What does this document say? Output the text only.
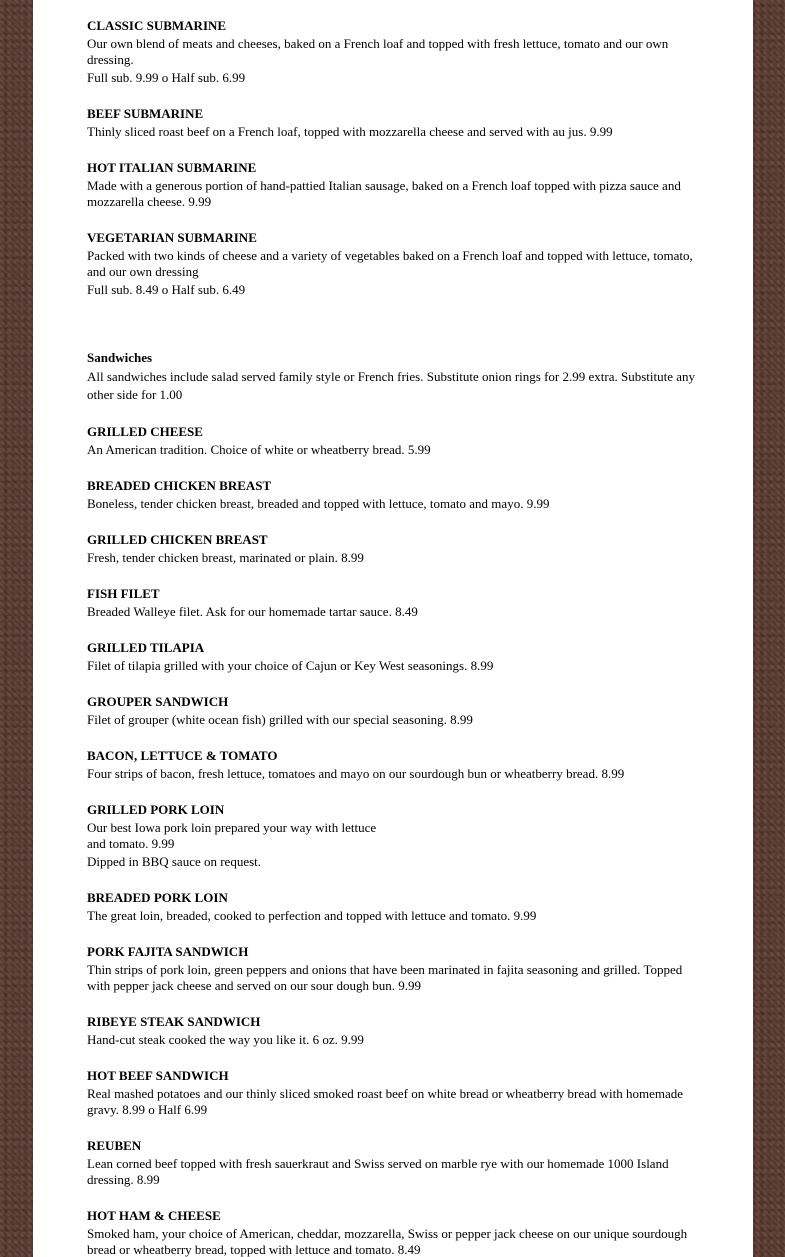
CLASSIC SUBMARINE
Our own blend of meats and cheeses, baked on a French loaf and topped with fresh lettuce, tomato and our own dressing.
Full sub. 9.99 o Half sub. 6.99
BEEF SUBMARINE
Thinly sliced roast beef on a French loaf, topped with mozzarella cheese and served with au jus. 9.99
HOT ITALIAN SUBMARINE
Made with a generous portion of hand-pattied Italian sausage, baked on a French loaf topped with pizza sauce and mozzarella cheese. 9.99
VEGETARIAN SUBMARINE
Packed with two kinds of cheese and a variety of vegetables baked on a French loaf and topped with lettuce, tomato, and our own dressing
Full sub. 8.49 o Half sub. 6.49
Sandwiches
All sandwiches include salad served family style or French fries. Substitute onion rings for 2.99 extra. Substitute any other side for 1.00
GRILLED CHEESE
An American tradition. Choice of white or wheatberry bread. 5.99
BREADED CHICKEN BREAST
Boneless, tender chicken breast, breaded and topped with lettuce, tomato and mayo. 9.99
GRILLED CHICKEN BREAST
Fresh, tender chicken breast, marinated or plain. 8.99
FISH FILET
Breaded Walleye filet. Ask for our homemade tartar sauce. 8.49
GRILLED TILAPIA
Filet of tilapia grilled with your choice of Cajun or Key West seasonings. 8.99
GROUPER SANDWICH
Filet of grouper (white ocean fish) grilled with our special seasoning. 8.99
BACON, LETTUCE & TOMATO
Four strips of bacon, fresh lettuce, tomatoes and mayo on our sourdough bun or wheatberry bread. 8.99
GRILLED PORK LOIN
Our best Iowa pork loin prepared your way with lettuce and tomato. 9.99
Dipped in BBQ sauce on request.
BREADED PORK LOIN
The great loin, breaded, cooked to perfection and topped with lettuce and tomato. 9.99
PORK FAJITA SANDWICH
Thin strips of pork loin, green peppers and onions that have been marinated in fajita seasoning and grilled. Topped with pepper jack cheese and served on our sour dough bun. 9.99
RIBEYE STEAK SANDWICH
Hand-cut steak cooked the way you like it. 6 oz. 9.99
HOT BEEF SANDWICH
Real mashed potatoes and our thinly sliced smoked roast beef on white bread or wheatberry bread with homemade gravy. 8.99 o Half 6.99
REUBEN
Lean corned beef topped with fresh sauerkraut and Swiss served on marble rye with our homemade 1000 Island dressing. 8.99
HOT HAM & CHEESE
Smoked ham, your choice of American, cheddar, mozzarella, Swiss or pepper jack cheese on our unique sourdough bread or wheatberry bread, topped with lettuce and tomato. 8.49
